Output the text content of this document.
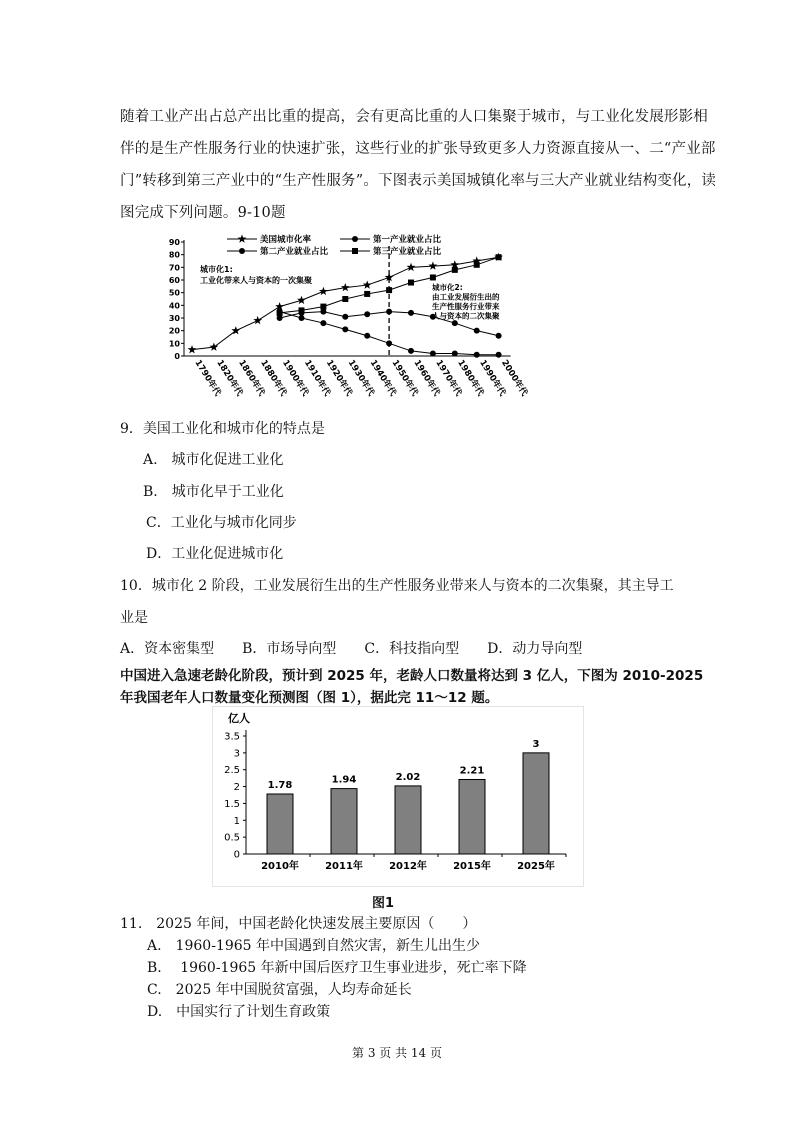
随着工业产出占总产出比重的提高，会有更高比重的人口集聚于城市，与工业化发展形影相伴的是生产性服务行业的快速扩张，这些行业的扩张导致更多人力资源直接从一、二“产业部门”转移到第三产业中的“生产性服务”。下图表示美国城镇化率与三大产业就业结构变化，读图完成下列问题。9-10题
0
10
20
30
40
50
60
70
80
90
1790年代
1820年代
1860年代
1880年代
1900年代
1910年代
1920年代
1930年代
1940年代
1950年代
1960年代
1970年代
1980年代
1990年代
2000年代
美国城市化率	第一产业就业占比
第二产业就业占比	第三产业就业占比
城市化1:
工业化带来人与资本的一次集聚
城市化2:
由工业发展衍生出的
生产性服务行业带来
人与资本的二次集聚
9．美国工业化和城市化的特点是
A.　城市化促进工业化
B.　城市化早于工业化
C．工业化与城市化同步
D．工业化促进城市化
10．城市化 2 阶段，工业发展衍生出的生产性服务业带来人与资本的二次集聚，其主导工
业是
A．资本密集型　　B．市场导向型　　C．科技指向型　　D．动力导向型
中国进入急速老龄化阶段，预计到 2025 年，老龄人口数量将达到 3 亿人，下图为 2010-2025
年我国老年人口数量变化预测图（图 1），据此完 11～12 题。
亿人
0
0.5
1
1.5
2
2.5
3
3.5
2010年	2011年	2012年	2015年	2025年
1.78	1.94	2.02
2.21
3
图1
11.　2025 年间，中国老龄化快速发展主要原因（　　）
A.　1960-1965 年中国遇到自然灾害，新生儿出生少
B.　 1960-1965 年新中国后医疗卫生事业进步，死亡率下降
C.　2025 年中国脱贫富强，人均寿命延长
D.　中国实行了计划生育政策
第 3 页 共 14 页
